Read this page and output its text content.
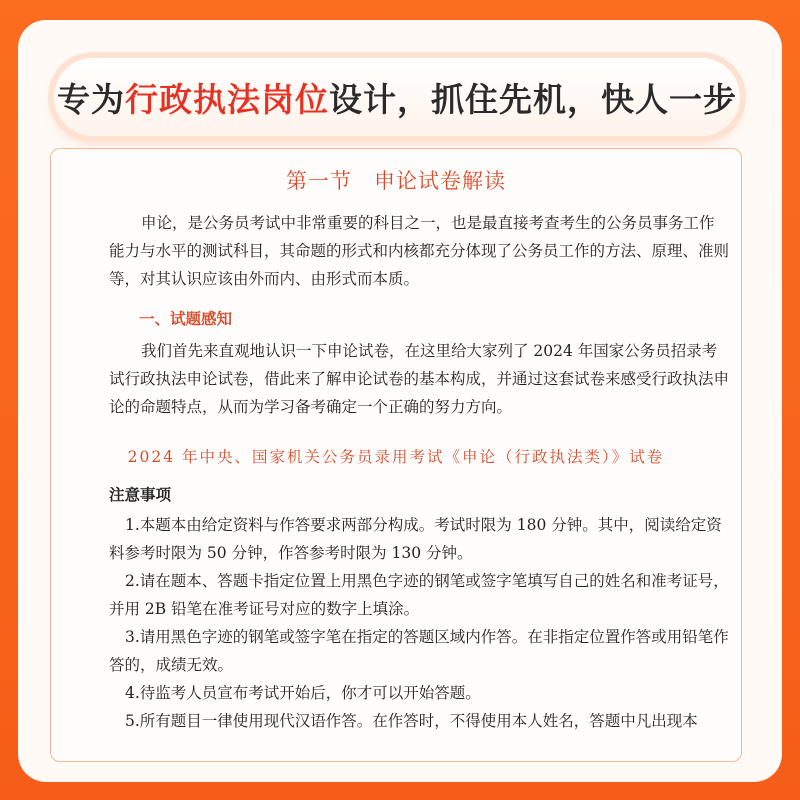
专为行政执法岗位设计，抓住先机，快人一步
第一节　申论试卷解读

申论，是公务员考试中非常重要的科目之一，也是最直接考查考生的公务员事务工作能力与水平的测试科目，其命题的形式和内核都充分体现了公务员工作的方法、原理、准则等，对其认识应该由外而内、由形式而本质。

一、试题感知

我们首先来直观地认识一下申论试卷，在这里给大家列了 2024 年国家公务员招录考试行政执法申论试卷，借此来了解申论试卷的基本构成，并通过这套试卷来感受行政执法申论的命题特点，从而为学习备考确定一个正确的努力方向。

2024 年中央、国家机关公务员录用考试《申论（行政执法类）》试卷
注意事项

1.本题本由给定资料与作答要求两部分构成。考试时限为 180 分钟。其中，阅读给定资料参考时限为 50 分钟，作答参考时限为 130 分钟。

2.请在题本、答题卡指定位置上用黑色字迹的钢笔或签字笔填写自己的姓名和准考证号，并用 2B 铅笔在准考证号对应的数字上填涂。

3.请用黑色字迹的钢笔或签字笔在指定的答题区域内作答。在非指定位置作答或用铅笔作答的，成绩无效。

4.待监考人员宣布考试开始后，你才可以开始答题。

5.所有题目一律使用现代汉语作答。在作答时，不得使用本人姓名，答题中凡出现本
